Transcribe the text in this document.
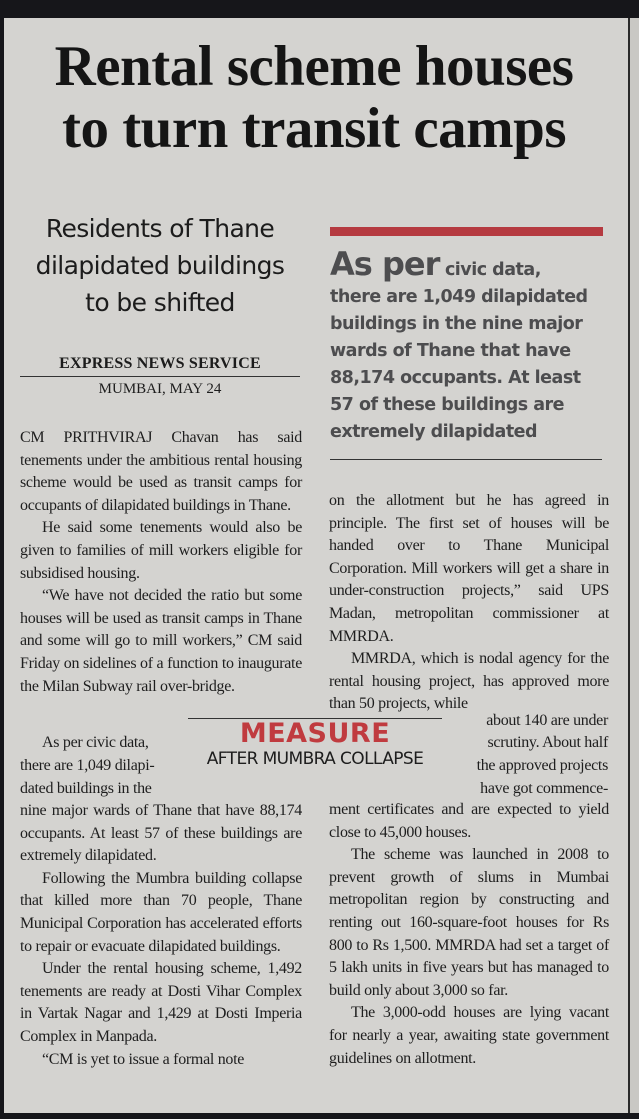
Rental scheme houses
to turn transit camps
Residents of Thane
dilapidated buildings
to be shifted
EXPRESS NEWS SERVICE
MUMBAI, MAY 24
As per civic data,
there are 1,049 dilapidated
buildings in the nine major
wards of Thane that have
88,174 occupants. At least
57 of these buildings are
extremely dilapidated

CM PRITHVIRAJ Chavan has said tenements under the ambitious rental housing scheme would be used as transit camps for occupants of dilapidated buildings in Thane.

He said some tenements would also be given to families of mill workers eligible for subsidised housing.

“We have not decided the ratio but some houses will be used as transit camps in Thane and some will go to mill workers,” CM said Friday on sidelines of a function to inaugurate the Milan Subway rail over-bridge.

MEASURE
AFTER MUMBRA COLLAPSE
As per civic data,
there are 1,049 dilapi-
dated buildings in the
about 140 are under
scrutiny. About half
the approved projects
have got commence-

nine major wards of Thane that have 88,174 occupants. At least 57 of these buildings are extremely dilapidated.

Following the Mumbra building collapse that killed more than 70 people, Thane Municipal Corporation has accelerated efforts to repair or evacuate dilapidated buildings.

Under the rental housing scheme, 1,492 tenements are ready at Dosti Vihar Complex in Vartak Nagar and 1,429 at Dosti Imperia Complex in Manpada.

“CM is yet to issue a formal note

on the allotment but he has agreed in principle. The first set of houses will be handed over to Thane Municipal Corporation. Mill workers will get a share in under-construction projects,” said UPS Madan, metropolitan commissioner at MMRDA.

MMRDA, which is nodal agency for the rental housing project, has approved more than 50 projects, while

ment certificates and are expected to yield close to 45,000 houses.

The scheme was launched in 2008 to prevent growth of slums in Mumbai metropolitan region by constructing and renting out 160-square-foot houses for Rs 800 to Rs 1,500. MMRDA had set a target of 5 lakh units in five years but has managed to build only about 3,000 so far.

The 3,000-odd houses are lying vacant for nearly a year, awaiting state government guidelines on allotment.
